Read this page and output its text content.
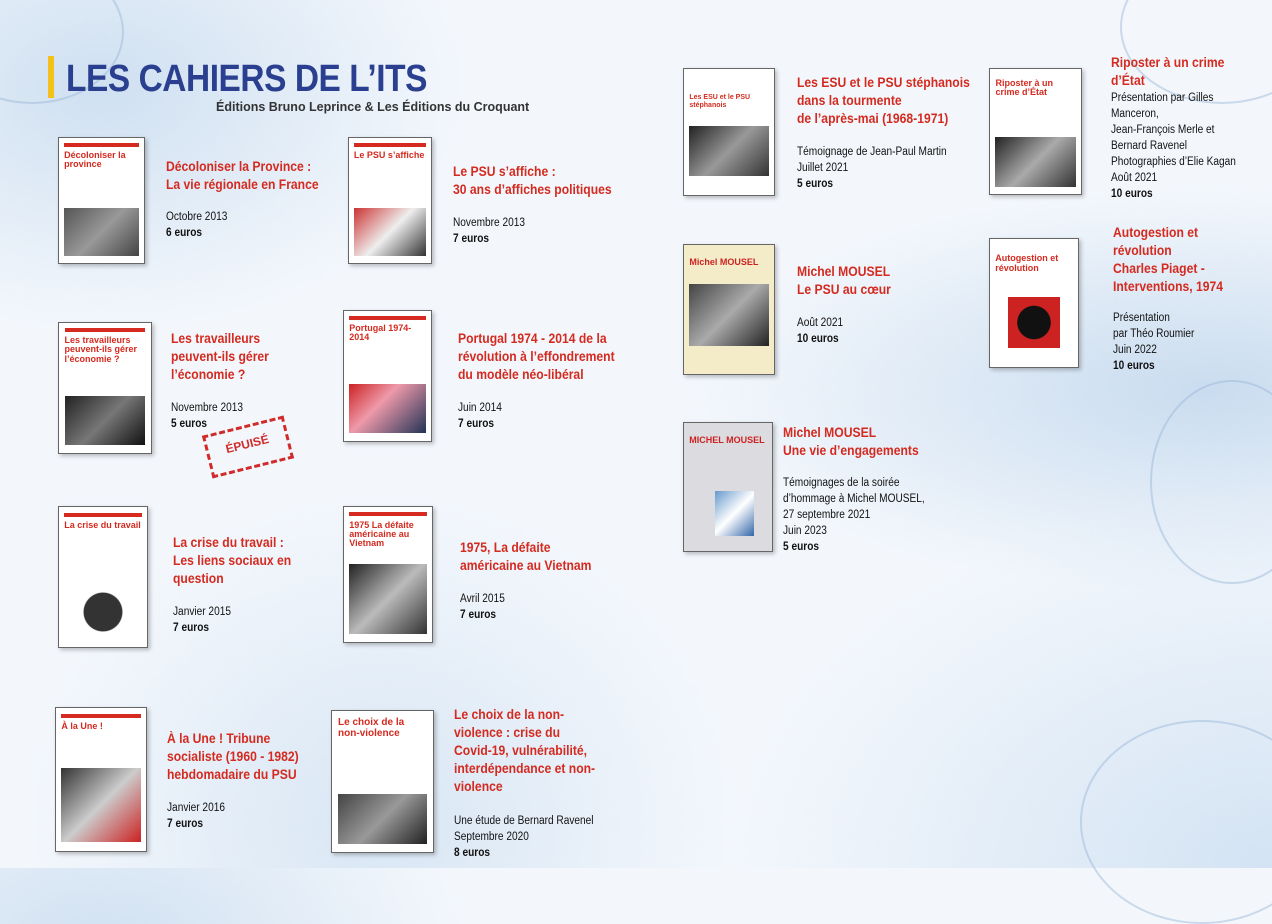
LES CAHIERS DE L’ITS
Éditions Bruno Leprince & Les Éditions du Croquant
Décoloniser la province	Décoloniser la Province :
La vie régionale en France
Octobre 2013
6 euros
Le PSU s’affiche
Le PSU s’affiche :
30 ans d’affiches politiques
Novembre 2013
7 euros
Les travailleurs peuvent-ils gérer l’économie ?
Les travailleurs
peuvent-ils gérer
l’économie ?
Novembre 2013
5 euros
ÉPUISÉ
Portugal 1974-2014	Portugal 1974 - 2014 de la
révolution à l’effondrement
du modèle néo-libéral
Juin 2014
7 euros
La crise du travail
La crise du travail :
Les liens sociaux en
question
Janvier 2015
7 euros
1975 La défaite américaine au Vietnam	1975, La défaite
américaine au Vietnam
Avril 2015
7 euros
À la Une !
À la Une ! Tribune
socialiste (1960 - 1982)
hebdomadaire du PSU
Janvier 2016
7 euros
Le choix de la non-violence
Le choix de la non-
violence : crise du
Covid-19, vulnérabilité,
interdépendance et non-
violence
Une étude de Bernard Ravenel
Septembre 2020
8 euros
Les ESU et le PSU stéphanois
Les ESU et le PSU stéphanois
dans la tourmente
de l’après-mai (1968-1971)
Témoignage de Jean-Paul Martin
Juillet 2021
5 euros
Michel MOUSEL
Michel MOUSEL
Le PSU au cœur
Août 2021
10 euros
MICHEL MOUSEL Michel MOUSEL
Une vie d’engagements
Témoignages de la soirée
d’hommage à Michel MOUSEL,
27 septembre 2021
Juin 2023
5 euros
Riposter à un crime d’État
Riposter à un crime
d’État
Présentation par Gilles
Manceron,
Jean-François Merle et
Bernard Ravenel
Photographies d’Elie Kagan
Août 2021
10 euros
Autogestion et révolution
Autogestion et
révolution
Charles Piaget -
Interventions, 1974
Présentation
par Théo Roumier
Juin 2022
10 euros
